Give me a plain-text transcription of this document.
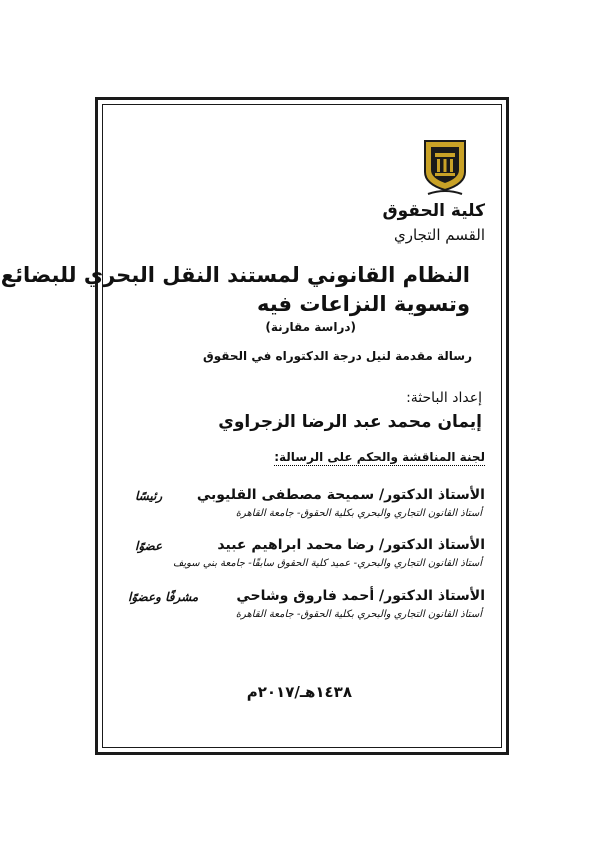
كلية الحقوق
القسم التجاري
النظام القانوني لمستند النقل البحري للبضائع
وتسوية النزاعات فيه
(دراسة مقارنة)
رسالة مقدمة لنيل درجة الدكتوراه في الحقوق
إعداد الباحثة:
إيمان محمد عبد الرضا الزجراوي
لجنة المناقشة والحكم على الرسالة:
الأستاذ الدكتور/ سميحة مصطفى القليوبي
أستاذ القانون التجاري والبحري بكلية الحقوق- جامعة القاهرة
رئيسًا
الأستاذ الدكتور/ رضا محمد ابراهيم عبيد
أستاذ القانون التجاري والبحري- عميد كلية الحقوق سابقًا- جامعة بني سويف
عضوًا
الأستاذ الدكتور/ أحمد فاروق وشاحي
أستاذ القانون التجاري والبحري بكلية الحقوق- جامعة القاهرة
مشرفًا وعضوًا
١٤٣٨هـ/٢٠١٧م
